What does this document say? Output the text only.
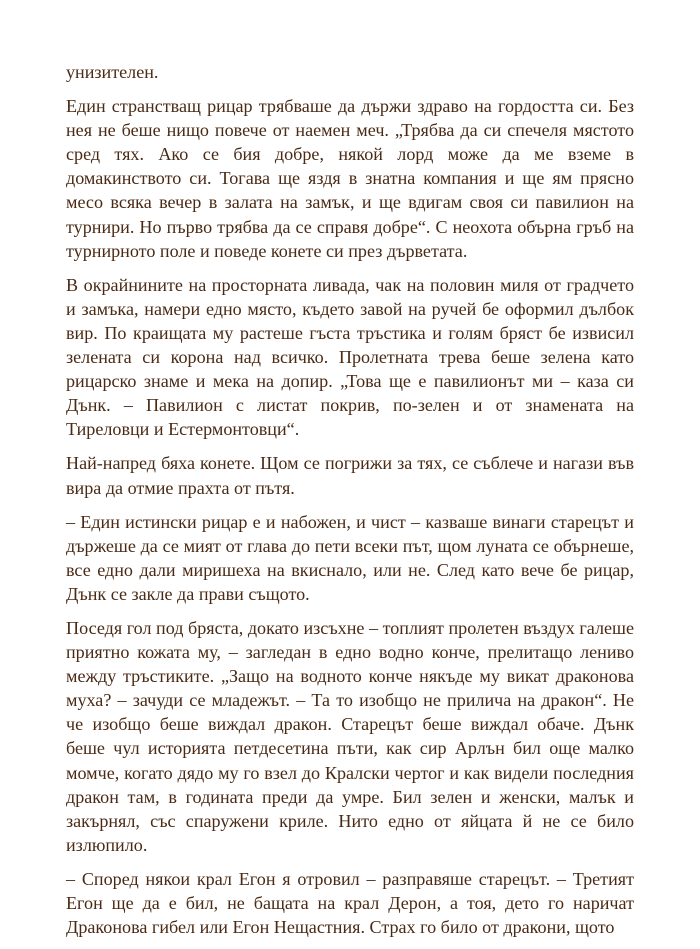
унизителен.

Един странстващ рицар трябваше да държи здраво на гордостта си. Без нея не беше нищо повече от наемен меч. „Трябва да си спечеля мястото сред тях. Ако се бия добре, някой лорд може да ме вземе в домакинството си. Тогава ще яздя в знатна компания и ще ям прясно месо всяка вечер в залата на замък, и ще вдигам своя си павилион на турнири. Но първо трябва да се справя добре“. С неохота обърна гръб на турнирното поле и поведе конете си през дърветата.

В окрайнините на просторната ливада, чак на половин миля от градчето и замъка, намери едно място, където завой на ручей бе оформил дълбок вир. По краищата му растеше гъста тръстика и голям бряст бе извисил зелената си корона над всичко. Пролетната трева беше зелена като рицарско знаме и мека на допир. „Това ще е павилионът ми – каза си Дънк. – Павилион с листат покрив, по-зелен и от знамената на Тиреловци и Естермонтовци“.

Най-напред бяха конете. Щом се погрижи за тях, се съблече и нагази във вира да отмие прахта от пътя.

– Един истински рицар е и набожен, и чист – казваше винаги старецът и държеше да се мият от глава до пети всеки път, щом луната се обърнеше, все едно дали миришеха на вкиснало, или не. След като вече бе рицар, Дънк се закле да прави същото.

Поседя гол под бряста, докато изсъхне – топлият пролетен въздух галеше приятно кожата му, – загледан в едно водно конче, прелитащо лениво между тръстиките. „Защо на водното конче някъде му викат драконова муха? – зачуди се младежът. – Та то изобщо не прилича на дракон“. Не че изобщо беше виждал дракон. Старецът беше виждал обаче. Дънк беше чул историята петдесетина пъти, как сир Арлън бил още малко момче, когато дядо му го взел до Кралски чертог и как видели последния дракон там, в годината преди да умре. Бил зелен и женски, малък и закърнял, със спаружени криле. Нито едно от яйцата й не се било излюпило.

– Според някои крал Егон я отровил – разправяше старецът. – Третият Егон ще да е бил, не бащата на крал Дерон, а тоя, дето го наричат Драконова гибел или Егон Нещастния. Страх го било от дракони, щото
